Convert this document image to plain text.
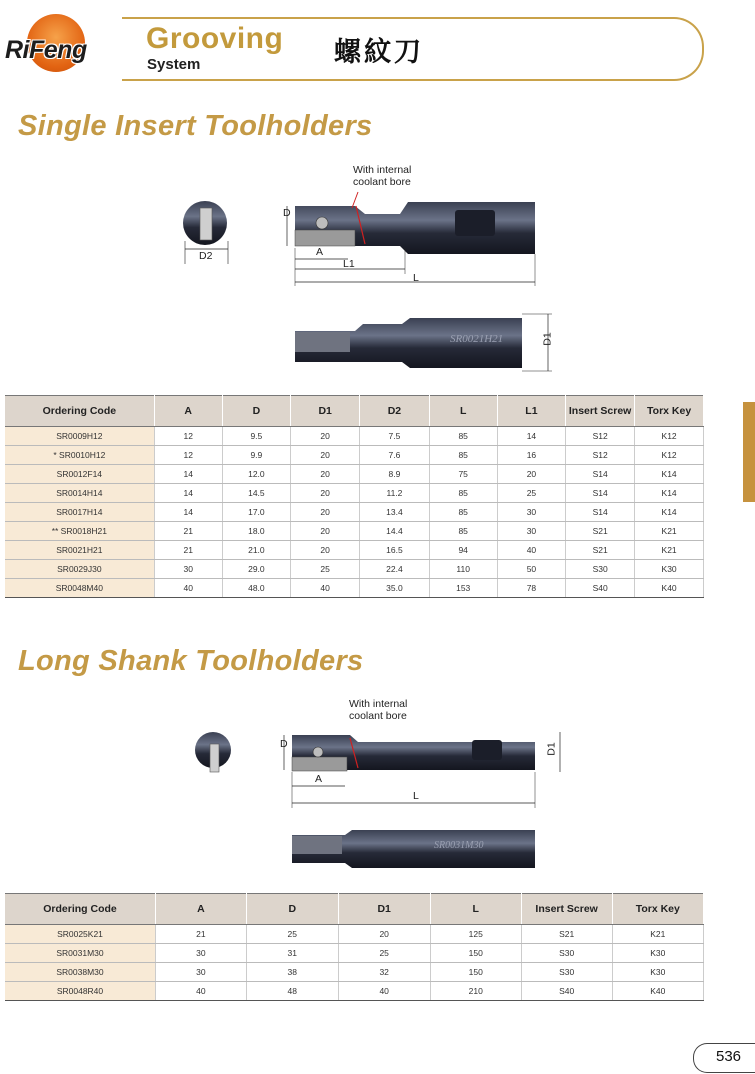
RiFeng Grooving
System	螺紋刀
Single Insert Toolholders
With internal
coolant bore
D
A
L1
L
D2
D1
SR0021H21
Ordering Code	A	D	D1	D2	L	L1	Insert Screw	Torx Key
SR0009H12	12	9.5	20	7.5	85	14	S12	K12
* SR0010H12	12	9.9	20	7.6	85	16	S12	K12
SR0012F14	14	12.0	20	8.9	75	20	S14	K14
SR0014H14	14	14.5	20	11.2	85	25	S14	K14
SR0017H14	14	17.0	20	13.4	85	30	S14	K14
** SR0018H21	21	18.0	20	14.4	85	30	S21	K21
SR0021H21	21	21.0	20	16.5	94	40	S21	K21
SR0029J30	30	29.0	25	22.4	110	50	S30	K30
SR0048M40	40	48.0	40	35.0	153	78	S40	K40
Long Shank Toolholders
With internal
coolant bore
D
A
L
D1
SR0031M30
Ordering Code	A	D	D1	L	Insert Screw	Torx Key
SR0025K21	21	25	20	125	S21	K21
SR0031M30	30	31	25	150	S30	K30
SR0038M30	30	38	32	150	S30	K30
SR0048R40	40	48	40	210	S40	K40
536
